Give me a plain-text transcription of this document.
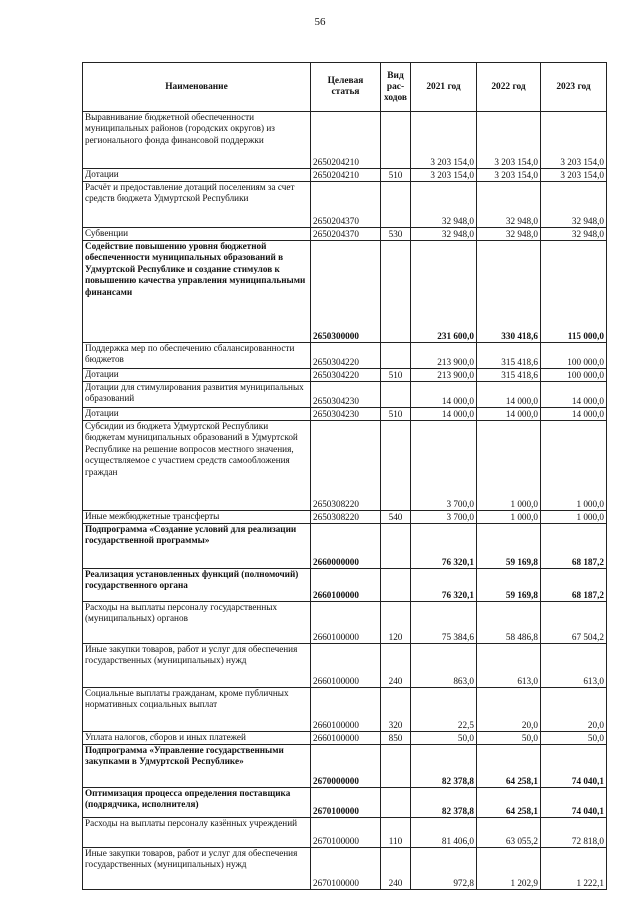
56
Наименование	Целевая статья	Вид рас-ходов	2021 год	2022 год	2023 год
Выравнивание бюджетной обеспеченности муниципальных районов (городских округов) из регионального фонда финансовой поддержки	2650204210		3 203 154,0	3 203 154,0	3 203 154,0
Дотации	2650204210	510	3 203 154,0	3 203 154,0	3 203 154,0
Расчёт и предоставление дотаций поселениям за счет средств бюджета Удмуртской Республики	2650204370		32 948,0	32 948,0	32 948,0
Субвенции	2650204370	530	32 948,0	32 948,0	32 948,0
Содействие повышению уровня бюджетной обеспеченности муниципальных образований в Удмуртской Республике и создание стимулов к повышению качества управления муниципальными финансами	2650300000		231 600,0	330 418,6	115 000,0
Поддержка мер по обеспечению сбалансированности бюджетов	2650304220		213 900,0	315 418,6	100 000,0
Дотации	2650304220	510	213 900,0	315 418,6	100 000,0
Дотации для стимулирования развития муниципальных образований	2650304230		14 000,0	14 000,0	14 000,0
Дотации	2650304230	510	14 000,0	14 000,0	14 000,0
Субсидии из бюджета Удмуртской Республики бюджетам муниципальных образований в Удмуртской Республике на решение вопросов местного значения, осуществляемое с участием средств самообложения граждан	2650308220		3 700,0	1 000,0	1 000,0
Иные межбюджетные трансферты	2650308220	540	3 700,0	1 000,0	1 000,0
Подпрограмма «Создание условий для реализации государственной программы»	2660000000		76 320,1	59 169,8	68 187,2
Реализация установленных функций (полномочий) государственного органа	2660100000		76 320,1	59 169,8	68 187,2
Расходы на выплаты персоналу государственных (муниципальных) органов	2660100000	120	75 384,6	58 486,8	67 504,2
Иные закупки товаров, работ и услуг для обеспечения государственных (муниципальных) нужд	2660100000	240	863,0	613,0	613,0
Социальные выплаты гражданам, кроме публичных нормативных социальных выплат	2660100000	320	22,5	20,0	20,0
Уплата налогов, сборов и иных платежей	2660100000	850	50,0	50,0	50,0
Подпрограмма «Управление государственными закупками в Удмуртской Республике»	2670000000		82 378,8	64 258,1	74 040,1
Оптимизация процесса определения поставщика (подрядчика, исполнителя)	2670100000		82 378,8	64 258,1	74 040,1
Расходы на выплаты персоналу казённых учреждений	2670100000	110	81 406,0	63 055,2	72 818,0
Иные закупки товаров, работ и услуг для обеспечения государственных (муниципальных) нужд	2670100000	240	972,8	1 202,9	1 222,1
